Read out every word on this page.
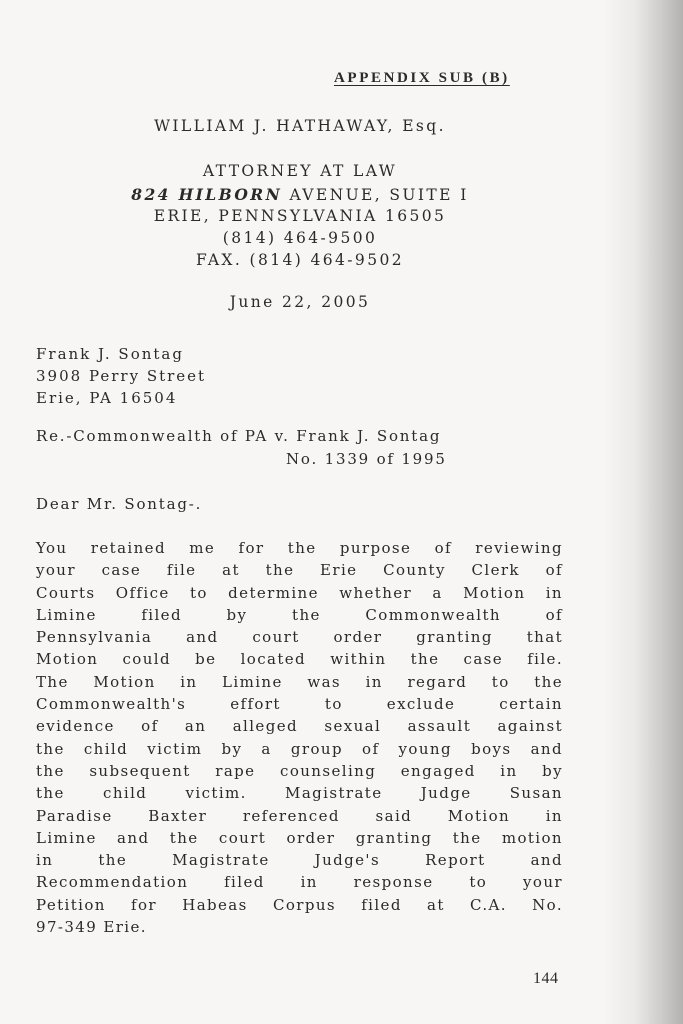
APPENDIX SUB (B)
WILLIAM J. HATHAWAY, Esq.
ATTORNEY AT LAW
824 HILBORN AVENUE, SUITE I
ERIE, PENNSYLVANIA 16505
(814) 464-9500
FAX. (814) 464-9502
June 22, 2005
Frank J. Sontag
3908 Perry Street
Erie, PA 16504
Re.-Commonwealth of PA v. Frank J. Sontag
No. 1339 of 1995
Dear Mr. Sontag-.
You retained me for the purpose of reviewing
your case file at the Erie County Clerk of
Courts Office to determine whether a Motion in
Limine filed by the Commonwealth of
Pennsylvania and court order granting that
Motion could be located within the case file.
The Motion in Limine was in regard to the
Commonwealth's effort to exclude certain
evidence of an alleged sexual assault against
the child victim by a group of young boys and
the subsequent rape counseling engaged in by
the child victim. Magistrate Judge Susan
Paradise Baxter referenced said Motion in
Limine and the court order granting the motion
in the Magistrate Judge's Report and
Recommendation filed in response to your
Petition for Habeas Corpus filed at C.A. No.
97-349 Erie.
144
